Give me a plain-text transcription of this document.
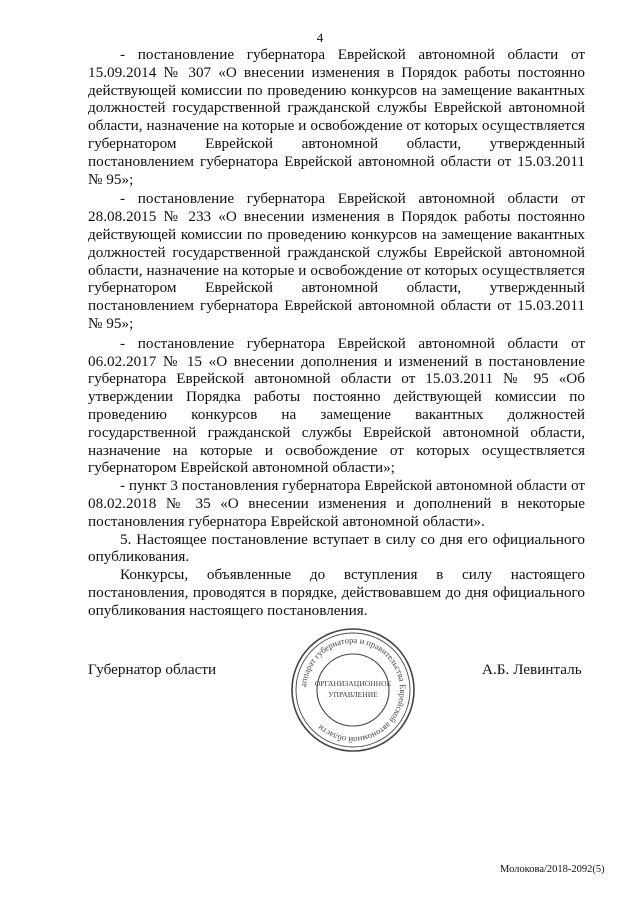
4

- постановление губернатора Еврейской автономной области от 15.09.2014 № 307 «О внесении изменения в Порядок работы постоянно действующей комиссии по проведению конкурсов на замещение вакантных должностей государственной гражданской службы Еврейской автономной области, назначение на которые и освобождение от которых осуществляется губернатором Еврейской автономной области, утвержденный постановлением губернатора Еврейской автономной области от 15.03.2011 № 95»;

- постановление губернатора Еврейской автономной области от 28.08.2015 № 233 «О внесении изменения в Порядок работы постоянно действующей комиссии по проведению конкурсов на замещение вакантных должностей государственной гражданской службы Еврейской автономной области, назначение на которые и освобождение от которых осуществляется губернатором Еврейской автономной области, утвержденный постановлением губернатора Еврейской автономной области от 15.03.2011 № 95»;

- постановление губернатора Еврейской автономной области от 06.02.2017 № 15 «О внесении дополнения и изменений в постановление губернатора Еврейской автономной области от 15.03.2011 № 95 «Об утверждении Порядка работы постоянно действующей комиссии по проведению конкурсов на замещение вакантных должностей государственной гражданской службы Еврейской автономной области, назначение на которые и освобождение от которых осуществляется губернатором Еврейской автономной области»;

- пункт 3 постановления губернатора Еврейской автономной области от 08.02.2018 № 35 «О внесении изменения и дополнений в некоторые постановления губернатора Еврейской автономной области».

5. Настоящее постановление вступает в силу со дня его официального опубликования.

Конкурсы, объявленные до вступления в силу настоящего постановления, проводятся в порядке, действовавшем до дня официального опубликования настоящего постановления.

Губернатор области
аппарат губернатора и правительства Еврейской автономной области
ОРГАНИЗАЦИОННОЕ
УПРАВЛЕНИЕ
А.Б. Левинталь
Молокова/2018-2092(5)
